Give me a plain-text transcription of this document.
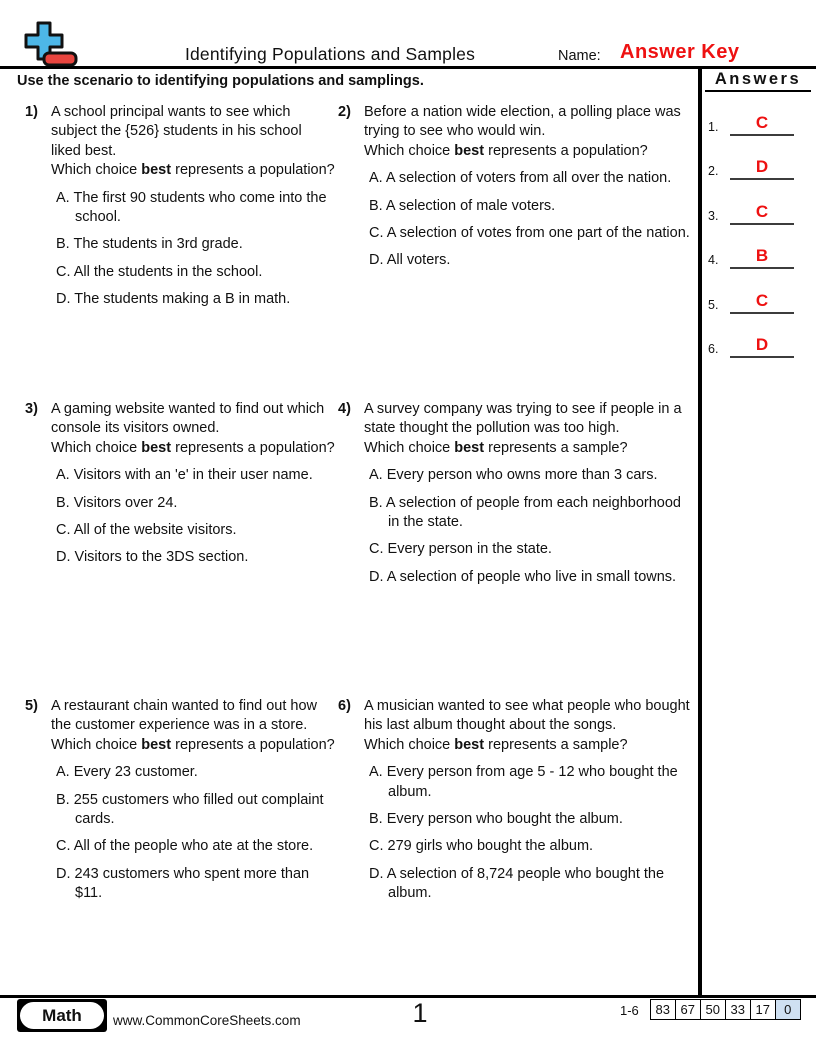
Identifying Populations and Samples	Name: Answer Key
Use the scenario to identifying populations and samplings.	Answers
1.	C
2.	D
3.	C
4.	B
5.	C
6.	D
1) A school principal wants to see which subject the {526} students in his school liked best.
Which choice best represents a population?
A. The first 90 students who come into the school.
B. The students in 3rd grade.
C. All the students in the school.
D. The students making a B in math.
2) Before a nation wide election, a polling place was trying to see who would win.
Which choice best represents a population?
A. A selection of voters from all over the nation.
B. A selection of male voters.
C. A selection of votes from one part of the nation.
D. All voters.
3) A gaming website wanted to find out which console its visitors owned.
Which choice best represents a population?
A. Visitors with an 'e' in their user name.
B. Visitors over 24.
C. All of the website visitors.
D. Visitors to the 3DS section.
4) A survey company was trying to see if people in a state thought the pollution was too high.
Which choice best represents a sample?
A. Every person who owns more than 3 cars.
B. A selection of people from each neighborhood in the state.
C. Every person in the state.
D. A selection of people who live in small towns.
5) A restaurant chain wanted to find out how the customer experience was in a store.
Which choice best represents a population?
A. Every 23 customer.
B. 255 customers who filled out complaint cards.
C. All of the people who ate at the store.
D. 243 customers who spent more than $11.
6) A musician wanted to see what people who bought his last album thought about the songs.
Which choice best represents a sample?
A. Every person from age 5 - 12 who bought the album.
B. Every person who bought the album.
C. 279 girls who bought the album.
D. A selection of 8,724 people who bought the album.
Math	www.CommonCoreSheets.com	1	1-6	83 67 50 33 17	0
